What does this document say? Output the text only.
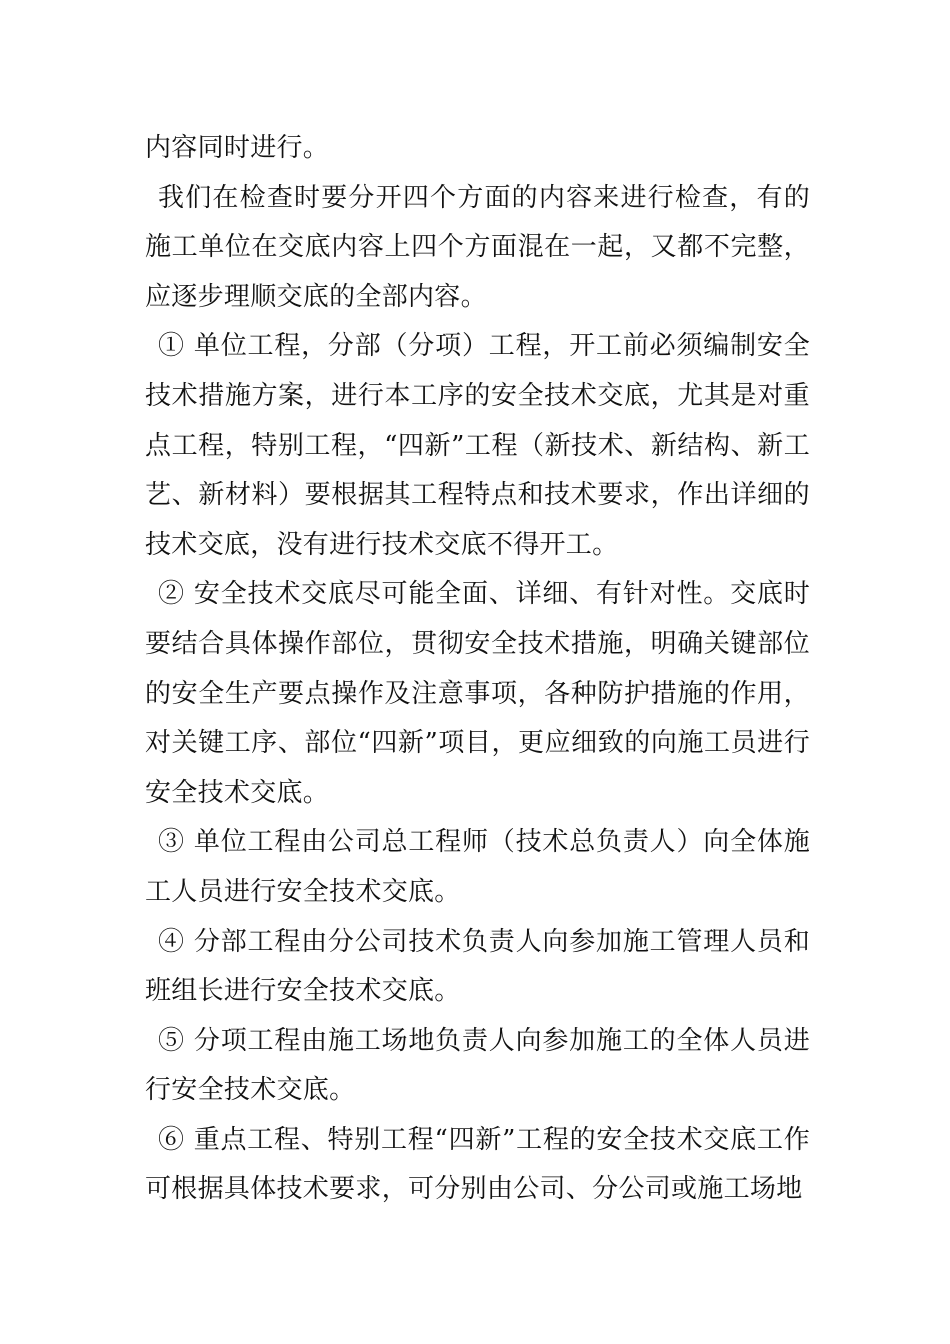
内容同时进行。

我们在检查时要分开四个方面的内容来进行检查，有的施工单位在交底内容上四个方面混在一起，又都不完整，应逐步理顺交底的全部内容。

① 单位工程，分部（分项）工程，开工前必须编制安全技术措施方案，进行本工序的安全技术交底，尤其是对重点工程，特别工程，“四新”工程（新技术、新结构、新工艺、新材料）要根据其工程特点和技术要求，作出详细的技术交底，没有进行技术交底不得开工。

② 安全技术交底尽可能全面、详细、有针对性。交底时要结合具体操作部位，贯彻安全技术措施，明确关键部位的安全生产要点操作及注意事项，各种防护措施的作用，对关键工序、部位“四新”项目，更应细致的向施工员进行安全技术交底。

③ 单位工程由公司总工程师（技术总负责人）向全体施工人员进行安全技术交底。

④ 分部工程由分公司技术负责人向参加施工管理人员和班组长进行安全技术交底。

⑤ 分项工程由施工场地负责人向参加施工的全体人员进行安全技术交底。

⑥ 重点工程、特别工程“四新”工程的安全技术交底工作可根据具体技术要求，可分别由公司、分公司或施工场地
